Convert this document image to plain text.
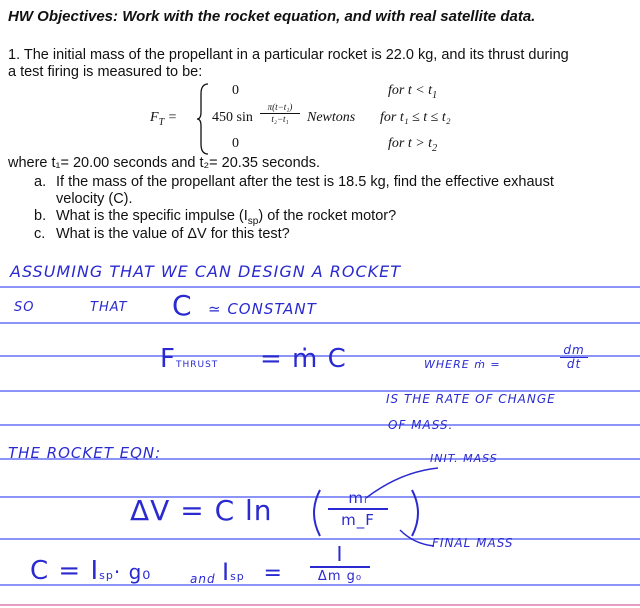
HW Objectives: Work with the rocket equation, and with real satellite data.
1. The initial mass of the propellant in a particular rocket is 22.0 kg, and its thrust during
a test firing is measured to be:
$F_T$ =
0	for $t < t_1$
450 sin
π(t−t₁)
t₂−t₁	Newtons for t₁ ≤ t ≤ t₂
0	for $t > t_2$
where t₁= 20.00 seconds and t₂= 20.35 seconds.
a. If the mass of the propellant after the test is 18.5 kg, find the effective exhaust
velocity (C).
b. What is the specific impulse $(I_{sp})$ of the rocket motor?
c. What is the value of ΔV for this test?
ASSUMING THAT WE CAN DESIGN A ROCKET
SO	THAT C ≃ CONSTANT
FTHRUST = ṁ C	WHERE ṁ =
dm
dt
IS THE RATE OF CHANGE
OF MASS.
THE ROCKET EQN:	INIT. MASS
ΔV = C ln	mᵢ
m_F
FINAL MASS
C = Isp· g₀	and Isp =
I
Δm g₀
